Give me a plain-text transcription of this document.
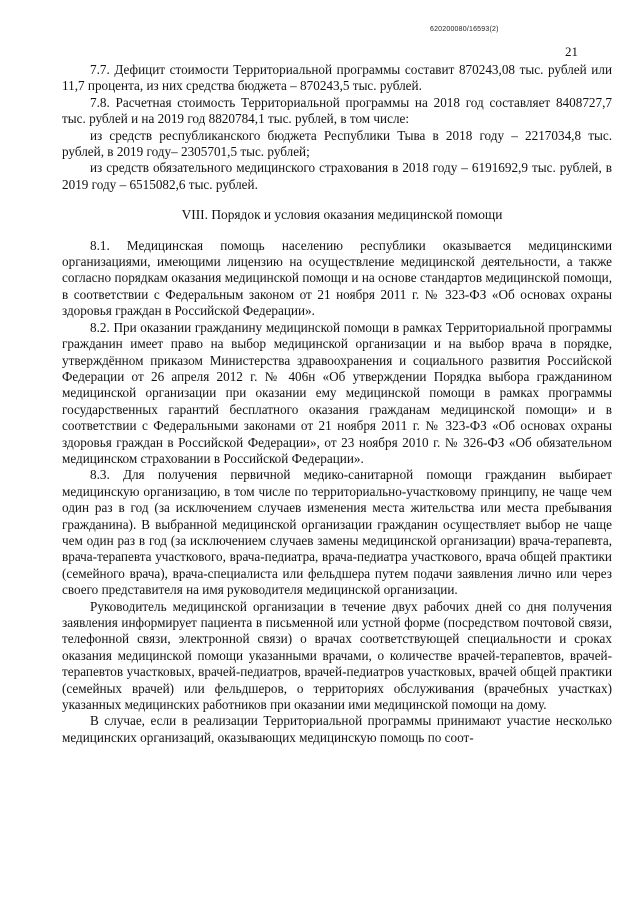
620200080/16593(2)
21

7.7. Дефицит стоимости Территориальной программы составит 870243,08 тыс. рублей или 11,7 процента, из них средства бюджета – 870243,5 тыс. рублей.

7.8. Расчетная стоимость Территориальной программы на 2018 год составляет 8408727,7 тыс. рублей и на 2019 год 8820784,1 тыс. рублей, в том числе:

из средств республиканского бюджета Республики Тыва в 2018 году – 2217034,8 тыс. рублей, в 2019 году– 2305701,5 тыс. рублей;

из средств обязательного медицинского страхования в 2018 году – 6191692,9 тыс. рублей, в 2019 году – 6515082,6 тыс. рублей.

VIII. Порядок и условия оказания медицинской помощи

8.1. Медицинская помощь населению республики оказывается медицинскими организациями, имеющими лицензию на осуществление медицинской деятельности, а также согласно порядкам оказания медицинской помощи и на основе стандартов медицинской помощи, в соответствии с Федеральным законом от 21 ноября 2011 г. № 323-ФЗ «Об основах охраны здоровья граждан в Российской Федерации».

8.2. При оказании гражданину медицинской помощи в рамках Территориальной программы гражданин имеет право на выбор медицинской организации и на выбор врача в порядке, утверждённом приказом Министерства здравоохранения и социального развития Российской Федерации от 26 апреля 2012 г. № 406н «Об утверждении Порядка выбора гражданином медицинской организации при оказании ему медицинской помощи в рамках программы государственных гарантий бесплатного оказания гражданам медицинской помощи» и в соответствии с Федеральными законами от 21 ноября 2011 г. № 323-ФЗ «Об основах охраны здоровья граждан в Российской Федерации», от 23 ноября 2010 г. № 326-ФЗ «Об обязательном медицинском страховании в Российской Федерации».

8.3. Для получения первичной медико-санитарной помощи гражданин выбирает медицинскую организацию, в том числе по территориально-участковому принципу, не чаще чем один раз в год (за исключением случаев изменения места жительства или места пребывания гражданина). В выбранной медицинской организации гражданин осуществляет выбор не чаще чем один раз в год (за исключением случаев замены медицинской организации) врача-терапевта, врача-терапевта участкового, врача-педиатра, врача-педиатра участкового, врача общей практики (семейного врача), врача-специалиста или фельдшера путем подачи заявления лично или через своего представителя на имя руководителя медицинской организации.

Руководитель медицинской организации в течение двух рабочих дней со дня получения заявления информирует пациента в письменной или устной форме (посредством почтовой связи, телефонной связи, электронной связи) о врачах соответствующей специальности и сроках оказания медицинской помощи указанными врачами, о количестве врачей-терапевтов, врачей-терапевтов участковых, врачей-педиатров, врачей-педиатров участковых, врачей общей практики (семейных врачей) или фельдшеров, о территориях обслуживания (врачебных участках) указанных медицинских работников при оказании ими медицинской помощи на дому.

В случае, если в реализации Территориальной программы принимают участие несколько медицинских организаций, оказывающих медицинскую помощь по соот-
